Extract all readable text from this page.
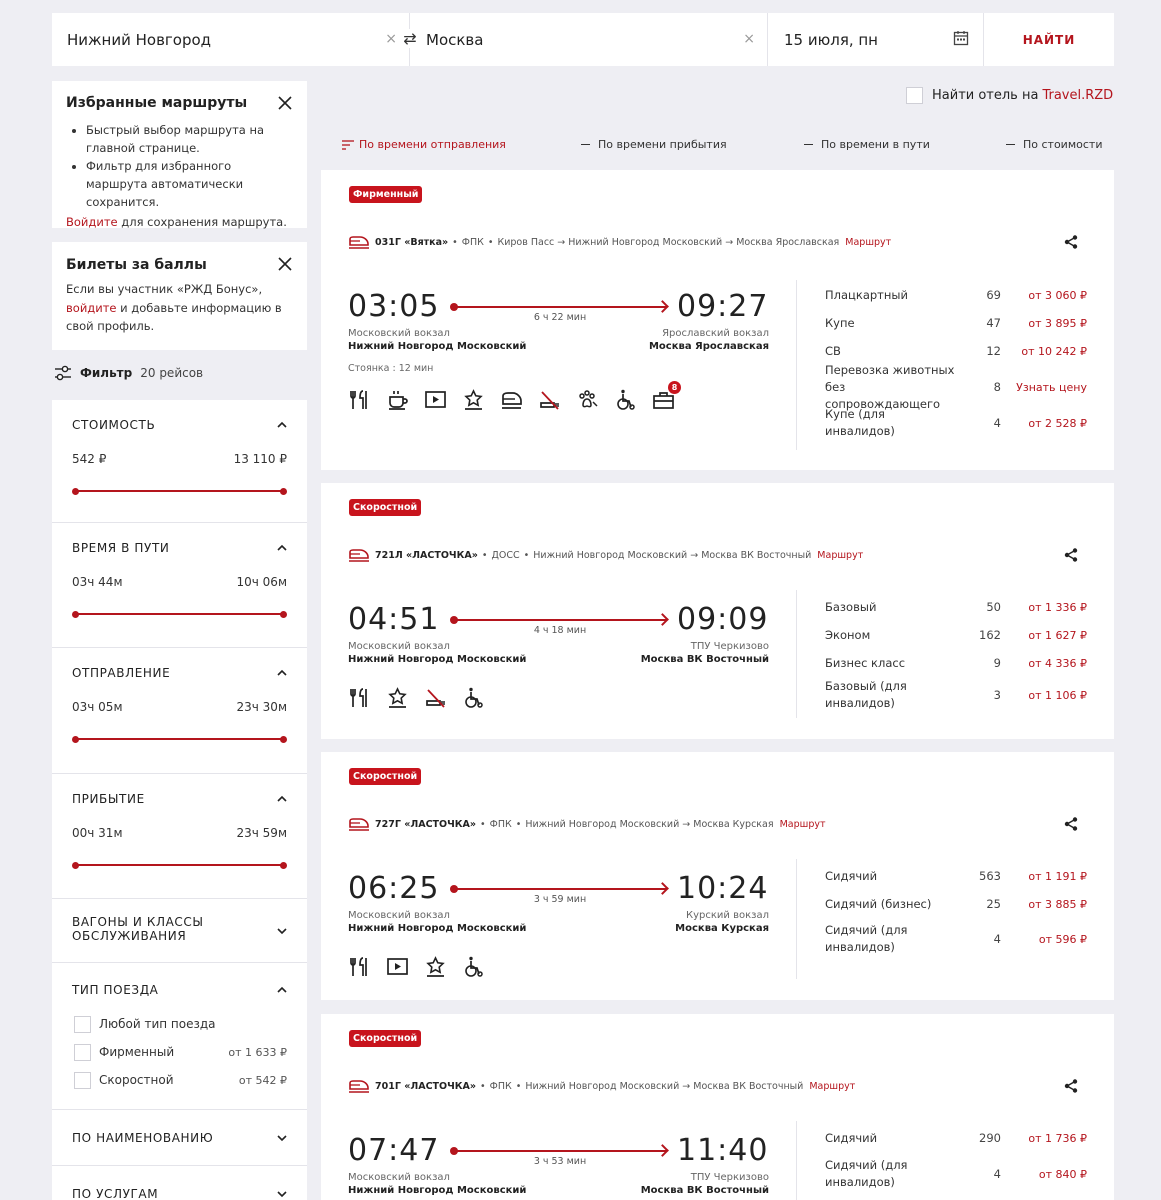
Нижний Новгород	× Москва	× 15 июля, пн	НАЙТИ
⇄
Избранные маршруты
• Быстрый выбор маршрута на главной странице.
• Фильтр для избранного маршрута автоматически сохранится.
Войдите для сохранения маршрута.
Билеты за баллы

Если вы участник «РЖД Бонус», войдите и добавьте информацию в свой профиль.

Фильтр 20 рейсов
СТОИМОСТЬ
542 ₽	13 110 ₽
ВРЕМЯ В ПУТИ
03ч 44м	10ч 06м
ОТПРАВЛЕНИЕ
03ч 05м	23ч 30м
ПРИБЫТИЕ
00ч 31м	23ч 59м
ВАГОНЫ И КЛАССЫ
ОБСЛУЖИВАНИЯ
ТИП ПОЕЗДА
Любой тип поезда
Фирменный	от 1 633 ₽
Скоростной	от 542 ₽
ПО НАИМЕНОВАНИЮ
ПО УСЛУГАМ
Найти отель на Travel.RZD
По времени отправления	По времени прибытия	По времени в пути	По стоимости
Фирменный
031Г «Вятка» • ФПК • Киров Пасс → Нижний Новгород Московский → Москва Ярославская Маршрут
03:05	09:27
6 ч 22 мин
Московский вокзал
Нижний Новгород Московский
Ярославский вокзал
Москва Ярославская
Стоянка : 12 мин
8
Плацкартный	69 от 3 060 ₽
Купе	47 от 3 895 ₽
СВ	12 от 10 242 ₽
Перевозка животных без сопровождающего
8 Узнать цену
Купе (для инвалидов)
4 от 2 528 ₽
Скоростной
721Л «ЛАСТОЧКА» • ДОСС • Нижний Новгород Московский → Москва ВК Восточный Маршрут
04:51	09:09
4 ч 18 мин
Московский вокзал
Нижний Новгород Московский
ТПУ Черкизово
Москва ВК Восточный
Базовый	50 от 1 336 ₽
Эконом	162 от 1 627 ₽
Бизнес класс	9 от 4 336 ₽
Базовый (для инвалидов)
3 от 1 106 ₽
Скоростной
727Г «ЛАСТОЧКА» • ФПК • Нижний Новгород Московский → Москва Курская Маршрут
06:25	10:24
3 ч 59 мин
Московский вокзал
Нижний Новгород Московский
Курский вокзал
Москва Курская
Сидячий	563 от 1 191 ₽
Сидячий (бизнес)	25 от 3 885 ₽
Сидячий (для инвалидов)
4	от 596 ₽
Скоростной
701Г «ЛАСТОЧКА» • ФПК • Нижний Новгород Московский → Москва ВК Восточный Маршрут
07:47	11:40
3 ч 53 мин
Московский вокзал
Нижний Новгород Московский
ТПУ Черкизово
Москва ВК Восточный
Сидячий	290 от 1 736 ₽
Сидячий (для инвалидов)
4	от 840 ₽
